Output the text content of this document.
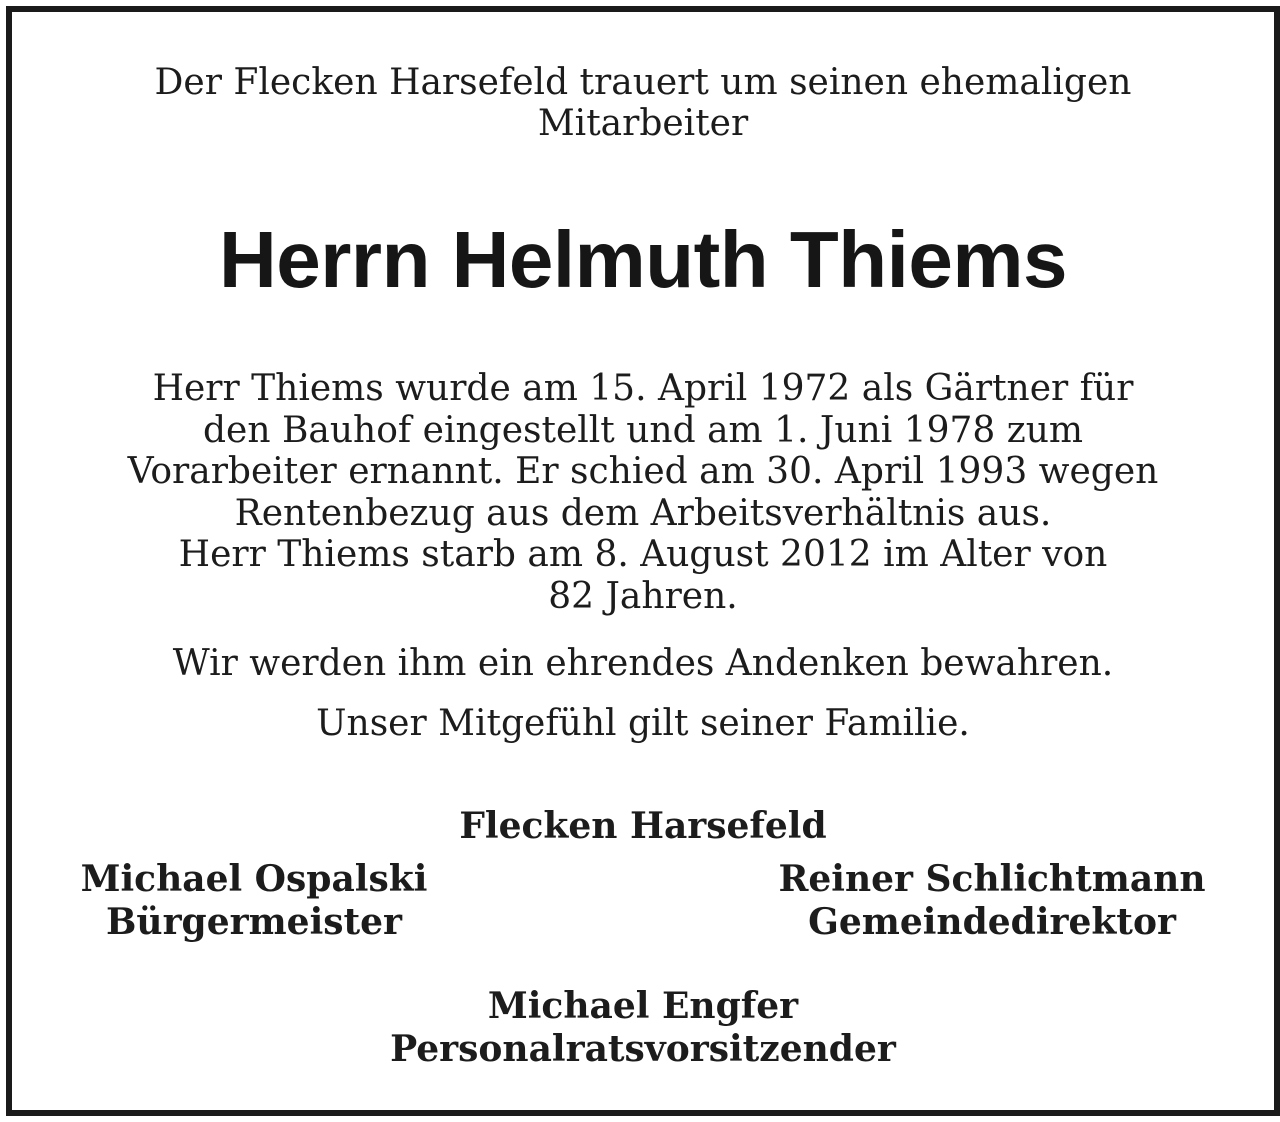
Der Flecken Harsefeld trauert um seinen ehemaligen
Mitarbeiter
Herrn Helmuth Thiems
Herr Thiems wurde am 15. April 1972 als Gärtner für
den Bauhof eingestellt und am 1. Juni 1978 zum
Vorarbeiter ernannt. Er schied am 30. April 1993 wegen
Rentenbezug aus dem Arbeitsverhältnis aus.
Herr Thiems starb am 8. August 2012 im Alter von
82 Jahren.
Wir werden ihm ein ehrendes Andenken bewahren.
Unser Mitgefühl gilt seiner Familie.
Flecken Harsefeld
Michael Ospalski
Bürgermeister
Reiner Schlichtmann
Gemeindedirektor
Michael Engfer
Personalratsvorsitzender
